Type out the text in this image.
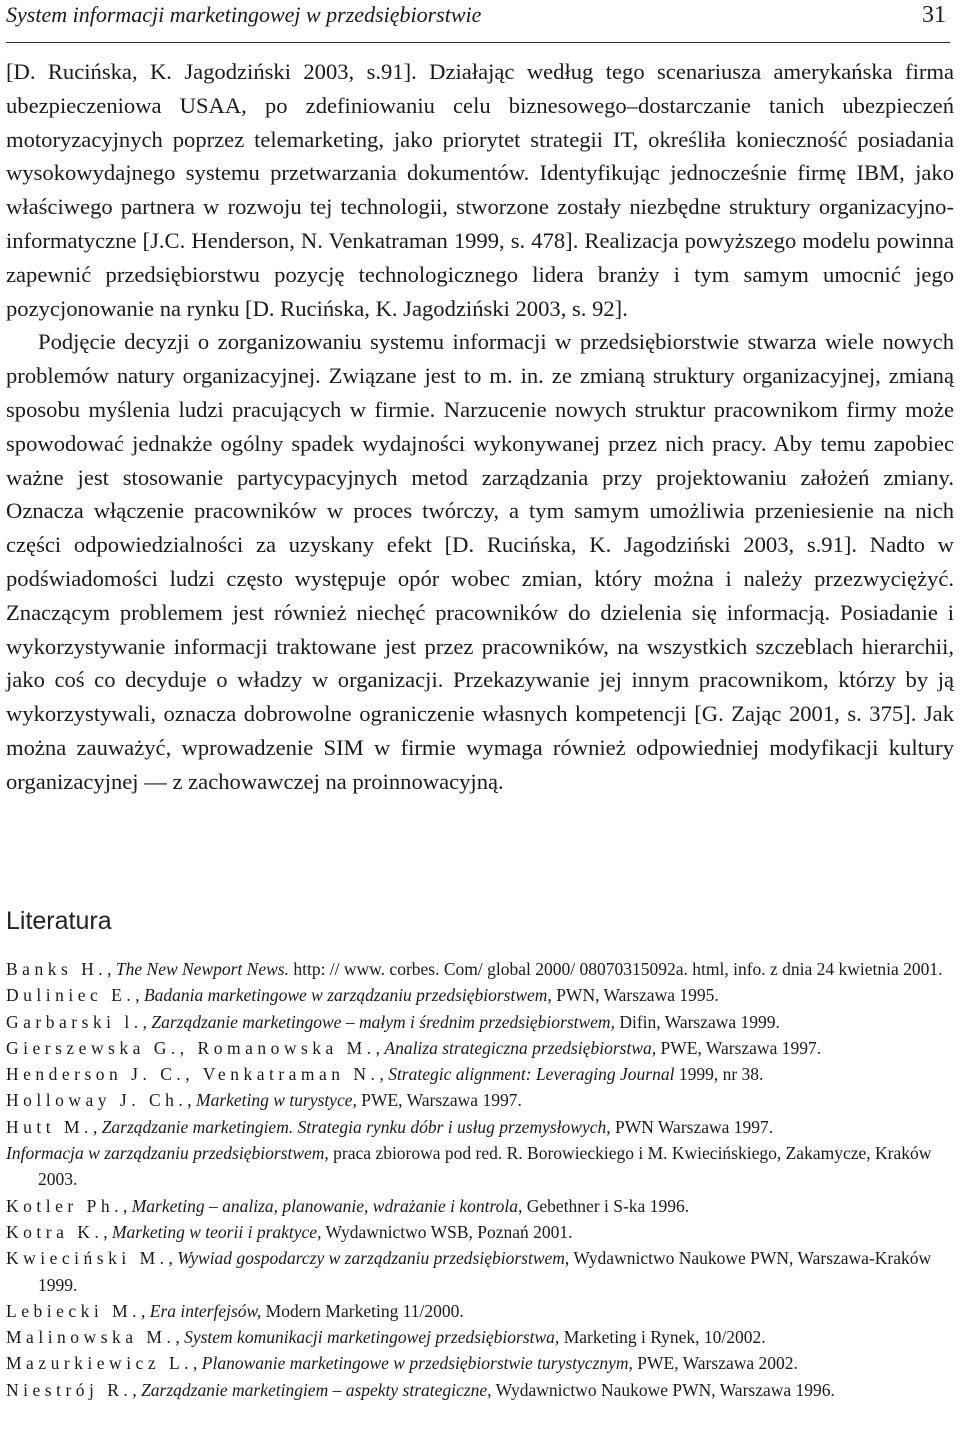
System informacji marketingowej w przedsiębiorstwie	31

[D. Rucińska, K. Jagodziński 2003, s.91]. Działając według tego scenariusza amerykańska firma ubezpieczeniowa USAA, po zdefiniowaniu celu biznesowego–dostarczanie tanich ubezpieczeń motoryzacyjnych poprzez telemarketing, jako priorytet strategii IT, określiła konieczność posiadania wysokowydajnego systemu przetwarzania dokumentów. Identyfikując jednocześnie firmę IBM, jako właściwego partnera w rozwoju tej technologii, stworzone zostały niezbędne struktury organizacyjno-informatyczne [J.C. Henderson, N. Venkatraman 1999, s. 478]. Realizacja powyższego modelu powinna zapewnić przedsiębiorstwu pozycję technologicznego lidera branży i tym samym umocnić jego pozycjonowanie na rynku [D. Rucińska, K. Jagodziński 2003, s. 92].

Podjęcie decyzji o zorganizowaniu systemu informacji w przedsiębiorstwie stwarza wiele nowych problemów natury organizacyjnej. Związane jest to m. in. ze zmianą struktury organizacyjnej, zmianą sposobu myślenia ludzi pracujących w firmie. Narzucenie nowych struktur pracownikom firmy może spowodować jednakże ogólny spadek wydajności wykonywanej przez nich pracy. Aby temu zapobiec ważne jest stosowanie partycypacyjnych metod zarządzania przy projektowaniu założeń zmiany. Oznacza włączenie pracowników w proces twórczy, a tym samym umożliwia przeniesienie na nich części odpowiedzialności za uzyskany efekt [D. Rucińska, K. Jagodziński 2003, s.91]. Nadto w podświadomości ludzi często występuje opór wobec zmian, który można i należy przezwyciężyć. Znaczącym problemem jest również niechęć pracowników do dzielenia się informacją. Posiadanie i wykorzystywanie informacji traktowane jest przez pracowników, na wszystkich szczeblach hierarchii, jako coś co decyduje o władzy w organizacji. Przekazywanie jej innym pracownikom, którzy by ją wykorzystywali, oznacza dobrowolne ograniczenie własnych kompetencji [G. Zając 2001, s. 375]. Jak można zauważyć, wprowadzenie SIM w firmie wymaga również odpowiedniej modyfikacji kultury organizacyjnej — z zachowawczej na proinnowacyjną.

Literatura

Banks H., The New Newport News. http: // www. corbes. Com/ global 2000/ 08070315092a. html, info. z dnia 24 kwietnia 2001.

Duliniec E., Badania marketingowe w zarządzaniu przedsiębiorstwem, PWN, Warszawa 1995.

Garbarski l., Zarządzanie marketingowe – małym i średnim przedsiębiorstwem, Difin, Warszawa 1999.

Gierszewska G., Romanowska M., Analiza strategiczna przedsiębiorstwa, PWE, Warszawa 1997.

Henderson J. C., Venkatraman N., Strategic alignment: Leveraging Journal 1999, nr 38.

Holloway J. Ch., Marketing w turystyce, PWE, Warszawa 1997.

Hutt M., Zarządzanie marketingiem. Strategia rynku dóbr i usług przemysłowych, PWN Warszawa 1997.

Informacja w zarządzaniu przedsiębiorstwem, praca zbiorowa pod red. R. Borowieckiego i M. Kwiecińskiego, Zakamycze, Kraków 2003.

Kotler Ph., Marketing – analiza, planowanie, wdrażanie i kontrola, Gebethner i S-ka 1996.

Kotra K., Marketing w teorii i praktyce, Wydawnictwo WSB, Poznań 2001.

Kwieciński M., Wywiad gospodarczy w zarządzaniu przedsiębiorstwem, Wydawnictwo Naukowe PWN, Warszawa-Kraków 1999.

Lebiecki M., Era interfejsów, Modern Marketing 11/2000.

Malinowska M., System komunikacji marketingowej przedsiębiorstwa, Marketing i Rynek, 10/2002.

Mazurkiewicz L., Planowanie marketingowe w przedsiębiorstwie turystycznym, PWE, Warszawa 2002.

Niestrój R., Zarządzanie marketingiem – aspekty strategiczne, Wydawnictwo Naukowe PWN, Warszawa 1996.
